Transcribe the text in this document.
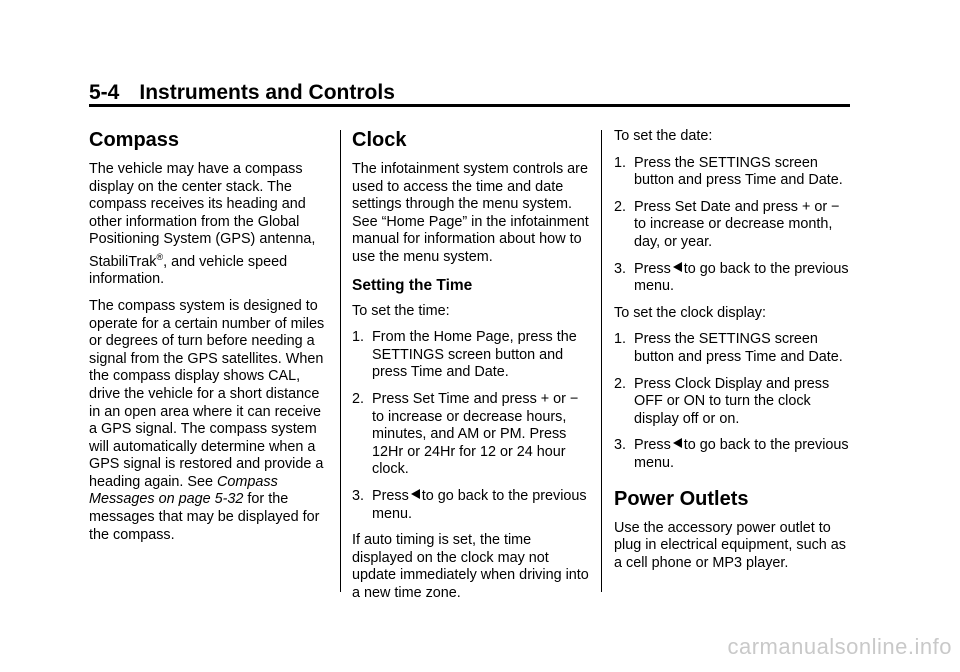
5-4 Instruments and Controls
Compass

The vehicle may have a compass display on the center stack. The compass receives its heading and other information from the Global Positioning System (GPS) antenna, StabiliTrak®, and vehicle speed information.

The compass system is designed to operate for a certain number of miles or degrees of turn before needing a signal from the GPS satellites. When the compass display shows CAL, drive the vehicle for a short distance in an open area where it can receive a GPS signal. The compass system will automatically determine when a GPS signal is restored and provide a heading again. See Compass Messages on page 5-32 for the messages that may be displayed for the compass.

Clock

The infotainment system controls are used to access the time and date settings through the menu system. See “Home Page” in the infotainment manual for information about how to use the menu system.

Setting the Time

To set the time:

1. From the Home Page, press the SETTINGS screen button and press Time and Date.
2. Press Set Time and press + or − to increase or decrease hours, minutes, and AM or PM. Press 12Hr or 24Hr for 12 or 24 hour clock.
3. Press to go back to the previous menu.

If auto timing is set, the time displayed on the clock may not update immediately when driving into a new time zone.

To set the date:

1. Press the SETTINGS screen button and press Time and Date.
2. Press Set Date and press + or − to increase or decrease month, day, or year.
3. Press to go back to the previous menu.

To set the clock display:

1. Press the SETTINGS screen button and press Time and Date.
2. Press Clock Display and press OFF or ON to turn the clock display off or on.
3. Press to go back to the previous menu.
Power Outlets

Use the accessory power outlet to plug in electrical equipment, such as a cell phone or MP3 player.

carmanualsonline.info
